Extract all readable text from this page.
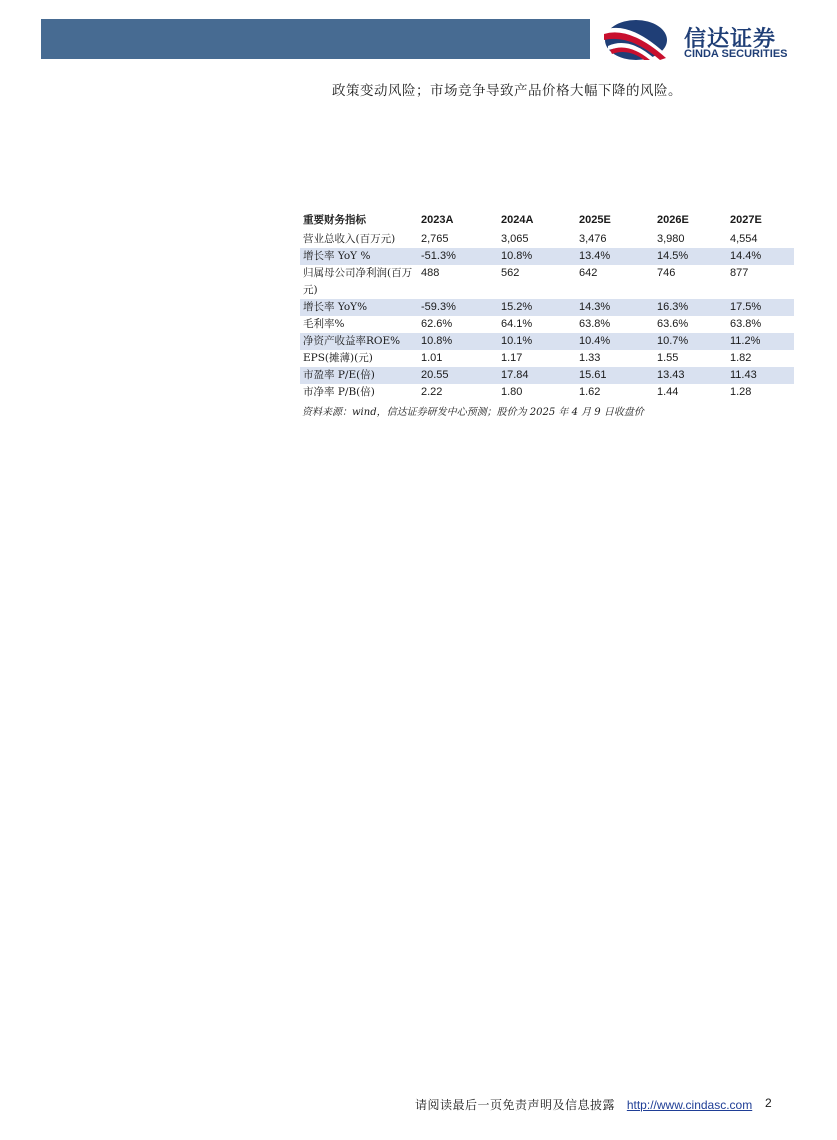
信达证券
CINDA SECURITIES
政策变动风险；市场竞争导致产品价格大幅下降的风险。
重要财务指标	2023A	2024A	2025E	2026E	2027E
营业总收入(百万元)	2,765	3,065	3,476	3,980	4,554
增长率 YoY %	-51.3%	10.8%	13.4%	14.5%	14.4%
归属母公司净利润(百万元)	488	562	642	746	877
增长率 YoY%	-59.3%	15.2%	14.3%	16.3%	17.5%
毛利率%	62.6%	64.1%	63.8%	63.6%	63.8%
净资产收益率ROE%	10.8%	10.1%	10.4%	10.7%	11.2%
EPS(摊薄)(元)	1.01	1.17	1.33	1.55	1.82
市盈率 P/E(倍)	20.55	17.84	15.61	13.43	11.43
市净率 P/B(倍)	2.22	1.80	1.62	1.44	1.28
资料来源：wind，信达证券研发中心预测；股价为 2025 年 4 月 9 日收盘价
请阅读最后一页免责声明及信息披露 http://www.cindasc.com 2
